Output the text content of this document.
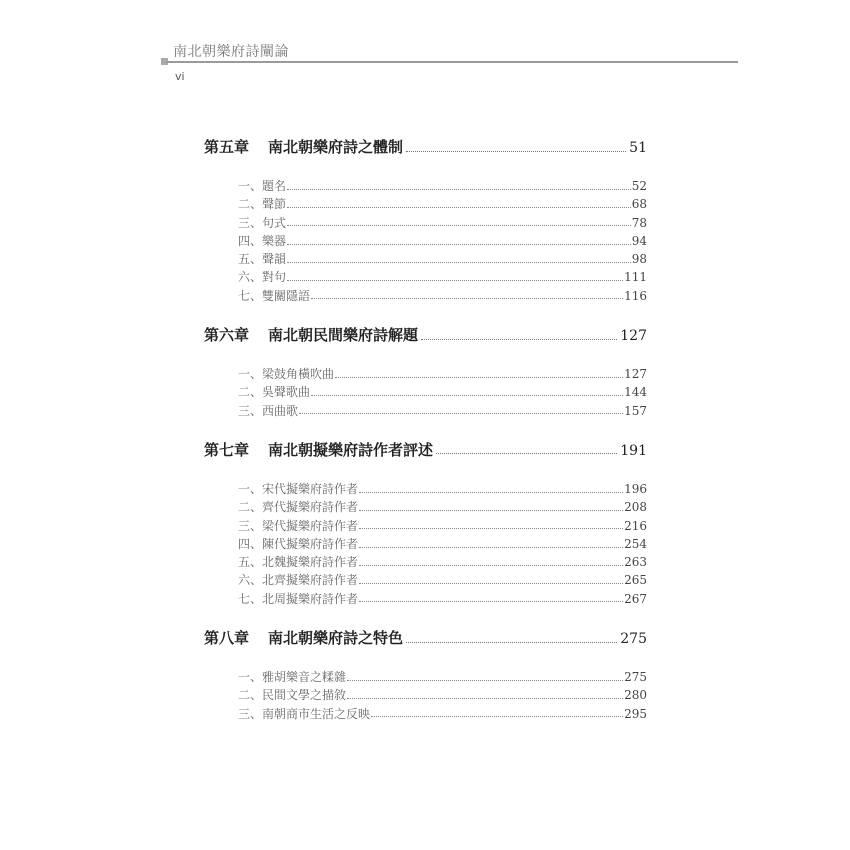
南北朝樂府詩闡論
vi
第五章	南北朝樂府詩之體制	51
一、題名	52
二、聲節	68
三、句式	78
四、樂器	94
五、聲韻	98
六、對句	111
七、雙關隱語	116
第六章	南北朝民間樂府詩解題	127
一、梁鼓角橫吹曲	127
二、吳聲歌曲	144
三、西曲歌	157
第七章	南北朝擬樂府詩作者評述	191
一、宋代擬樂府詩作者	196
二、齊代擬樂府詩作者	208
三、梁代擬樂府詩作者	216
四、陳代擬樂府詩作者	254
五、北魏擬樂府詩作者	263
六、北齊擬樂府詩作者	265
七、北周擬樂府詩作者	267
第八章	南北朝樂府詩之特色	275
一、雅胡樂音之糅雜	275
二、民間文學之描敘	280
三、南朝商市生活之反映	295
